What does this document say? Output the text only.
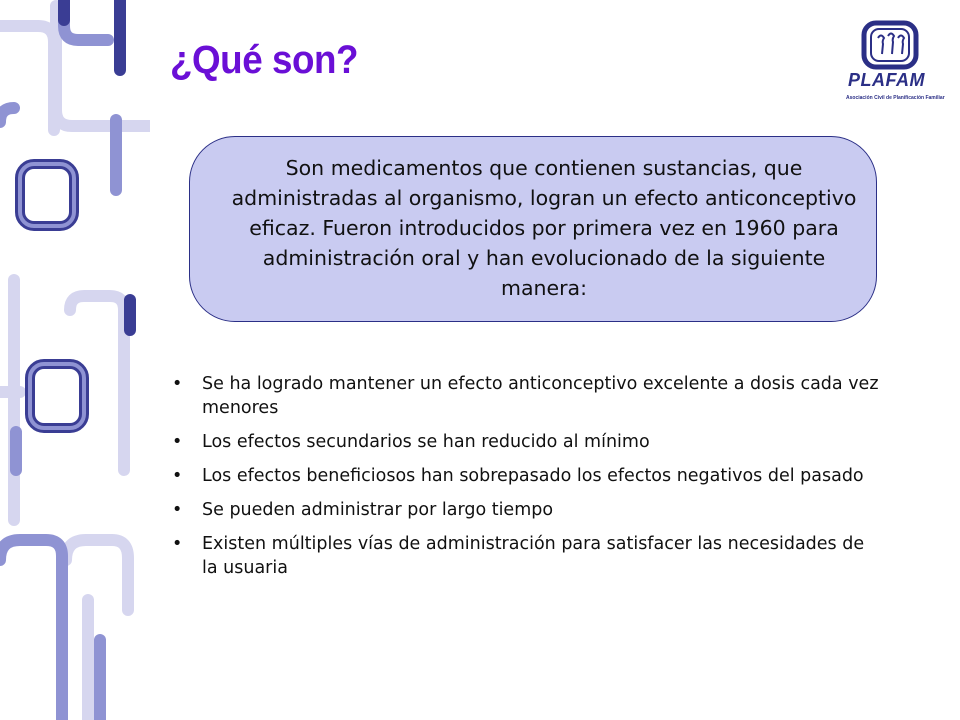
¿Qué son?	PLAFAM
Asociación Civil de Planificación Familiar

Son medicamentos que contienen sustancias, que administradas al organismo, logran un efecto anticonceptivo eficaz. Fueron introducidos por primera vez en 1960 para administración oral y han evolucionado de la siguiente manera:

• Se ha logrado mantener un efecto anticonceptivo excelente a dosis cada vez menores
• Los efectos secundarios se han reducido al mínimo
• Los efectos beneficiosos han sobrepasado los efectos negativos del pasado
• Se pueden administrar por largo tiempo
• Existen múltiples vías de administración para satisfacer las necesidades de la usuaria
